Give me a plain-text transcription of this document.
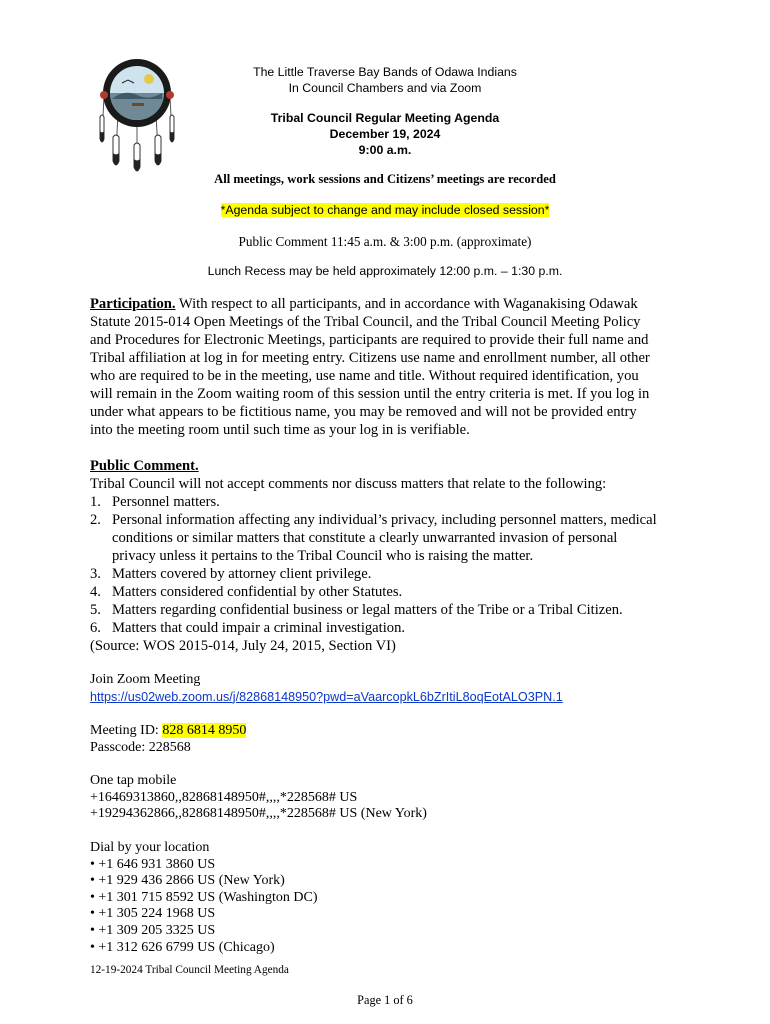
The Little Traverse Bay Bands of Odawa Indians
In Council Chambers and via Zoom
Tribal Council Regular Meeting Agenda
December 19, 2024
9:00 a.m.
All meetings, work sessions and Citizens’ meetings are recorded
*Agenda subject to change and may include closed session*
Public Comment 11:45 a.m. & 3:00 p.m. (approximate)
Lunch Recess may be held approximately 12:00 p.m. – 1:30 p.m.
Participation. With respect to all participants, and in accordance with Waganakising Odawak
Statute 2015-014 Open Meetings of the Tribal Council, and the Tribal Council Meeting Policy
and Procedures for Electronic Meetings, participants are required to provide their full name and
Tribal affiliation at log in for meeting entry. Citizens use name and enrollment number, all other
who are required to be in the meeting, use name and title. Without required identification, you
will remain in the Zoom waiting room of this session until the entry criteria is met. If you log in
under what appears to be fictitious name, you may be removed and will not be provided entry
into the meeting room until such time as your log in is verifiable.
Public Comment.
Tribal Council will not accept comments nor discuss matters that relate to the following:
1. Personnel matters.
2. Personal information affecting any individual’s privacy, including personnel matters, medical
conditions or similar matters that constitute a clearly unwarranted invasion of personal
privacy unless it pertains to the Tribal Council who is raising the matter.
3. Matters covered by attorney client privilege.
4. Matters considered confidential by other Statutes.
5. Matters regarding confidential business or legal matters of the Tribe or a Tribal Citizen.
6. Matters that could impair a criminal investigation.
(Source: WOS 2015-014, July 24, 2015, Section VI)
Join Zoom Meeting
https://us02web.zoom.us/j/82868148950?pwd=aVaarcopkL6bZrItiL8oqEotALO3PN.1
Meeting ID: 828 6814 8950
Passcode: 228568
One tap mobile
+16469313860,,82868148950#,,,,*228568# US
+19294362866,,82868148950#,,,,*228568# US (New York)
Dial by your location
• +1 646 931 3860 US
• +1 929 436 2866 US (New York)
• +1 301 715 8592 US (Washington DC)
• +1 305 224 1968 US
• +1 309 205 3325 US
• +1 312 626 6799 US (Chicago)
12-19-2024 Tribal Council Meeting Agenda
Page 1 of 6
